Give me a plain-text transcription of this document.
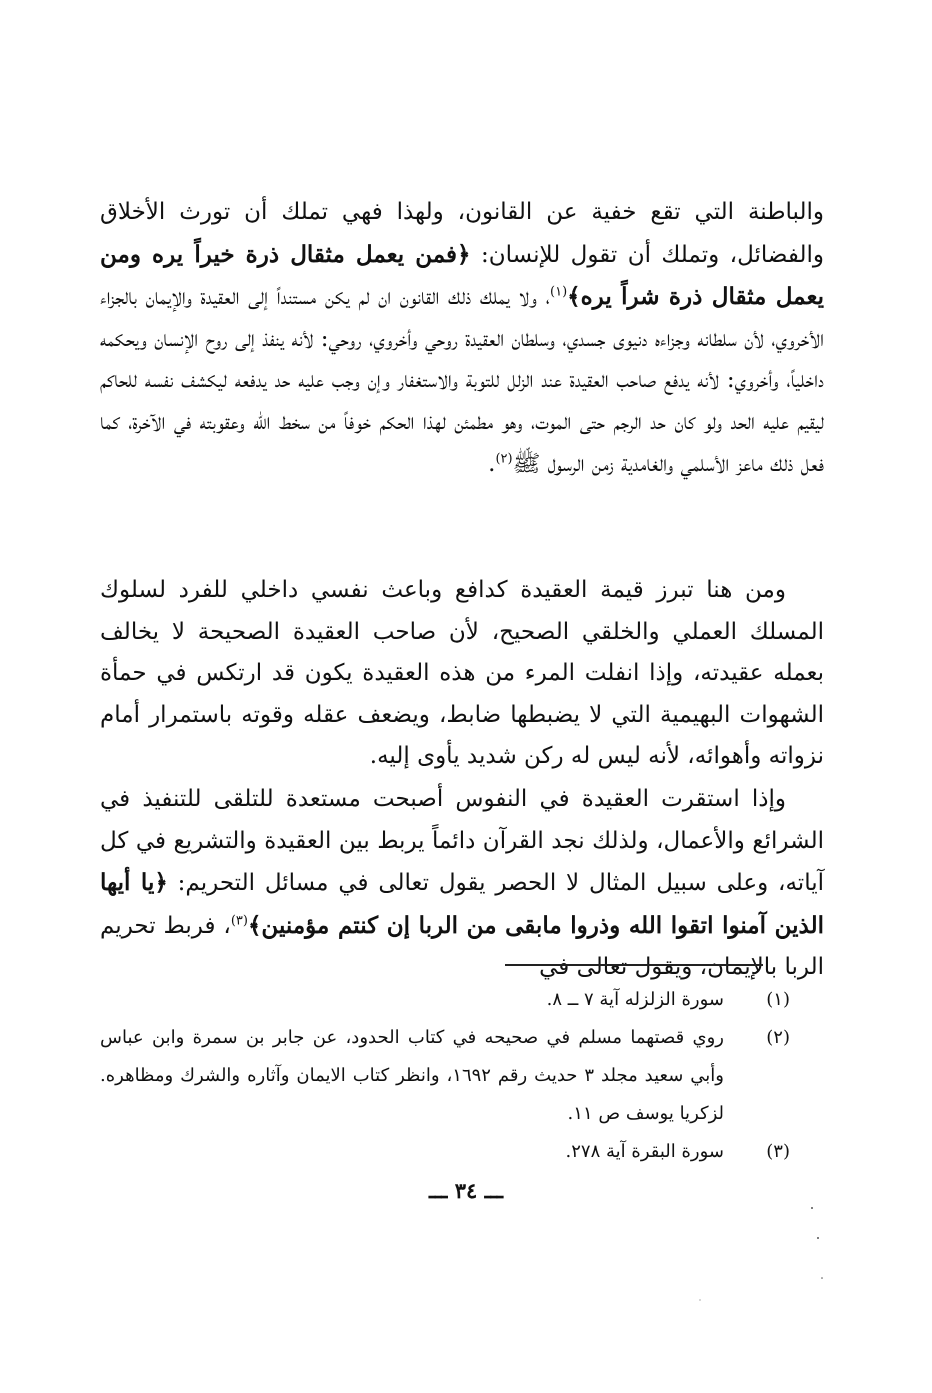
والباطنة التي تقع خفية عن القانون، ولهذا فهي تملك أن تورث الأخلاق والفضائل، وتملك أن تقول للإنسان: ﴿فمن يعمل مثقال ذرة خيراً يره ومن يعمل مثقال ذرة شراً يره﴾$^{(١)}$، ولا يملك ذلك القانون ان لم يكن مستنداً إلى العقيدة والإيمان بالجزاء الأخروي، لأن سلطانه وجزاءه دنيوى جسدي، وسلطان العقيدة روحي وأخروي، روحي: لأنه ينفذ إلى روح الإنسان ويحكمه داخلياً، وأخروي: لأنه يدفع صاحب العقيدة عند الزلل للتوبة والاستغفار وإن وجب عليه حد يدفعه ليكشف نفسه للحاكم ليقيم عليه الحد ولو كان حد الرجم حتى الموت، وهو مطمئن لهذا الحكم خوفاً من سخط الله وعقوبته في الآخرة، كما فعل ذلك ماعز الأسلمي والغامدية زمن الرسول ﷺ$^{(٢)}$.

ومن هنا تبرز قيمة العقيدة كدافع وباعث نفسي داخلي للفرد لسلوك المسلك العملي والخلقي الصحيح، لأن صاحب العقيدة الصحيحة لا يخالف بعمله عقيدته، وإذا انفلت المرء من هذه العقيدة يكون قد ارتكس في حمأة الشهوات البهيمية التي لا يضبطها ضابط، ويضعف عقله وقوته باستمرار أمام نزواته وأهوائه، لأنه ليس له ركن شديد يأوى إليه.

وإذا استقرت العقيدة في النفوس أصبحت مستعدة للتلقى للتنفيذ في الشرائع والأعمال، ولذلك نجد القرآن دائماً يربط بين العقيدة والتشريع في كل آياته، وعلى سبيل المثال لا الحصر يقول تعالى في مسائل التحريم: ﴿يا أيها الذين آمنوا اتقوا الله وذروا مابقى من الربا إن كنتم مؤمنين﴾$^{(٣)}$، فربط تحريم الربا بالإيمان، ويقول تعالى في

(١)
سورة الزلزله آية ٧ ــ ٨.
(٢)
روي قصتهما مسلم في صحيحه في كتاب الحدود، عن جابر بن سمرة وابن عباس وأبي سعيد مجلد ٣ حديث رقم ١٦٩٢، وانظر كتاب الايمان وآثاره والشرك ومظاهره. لزكريا يوسف ص ١١.
(٣)
سورة البقرة آية ٢٧٨.
ـــ ٣٤ ـــ
